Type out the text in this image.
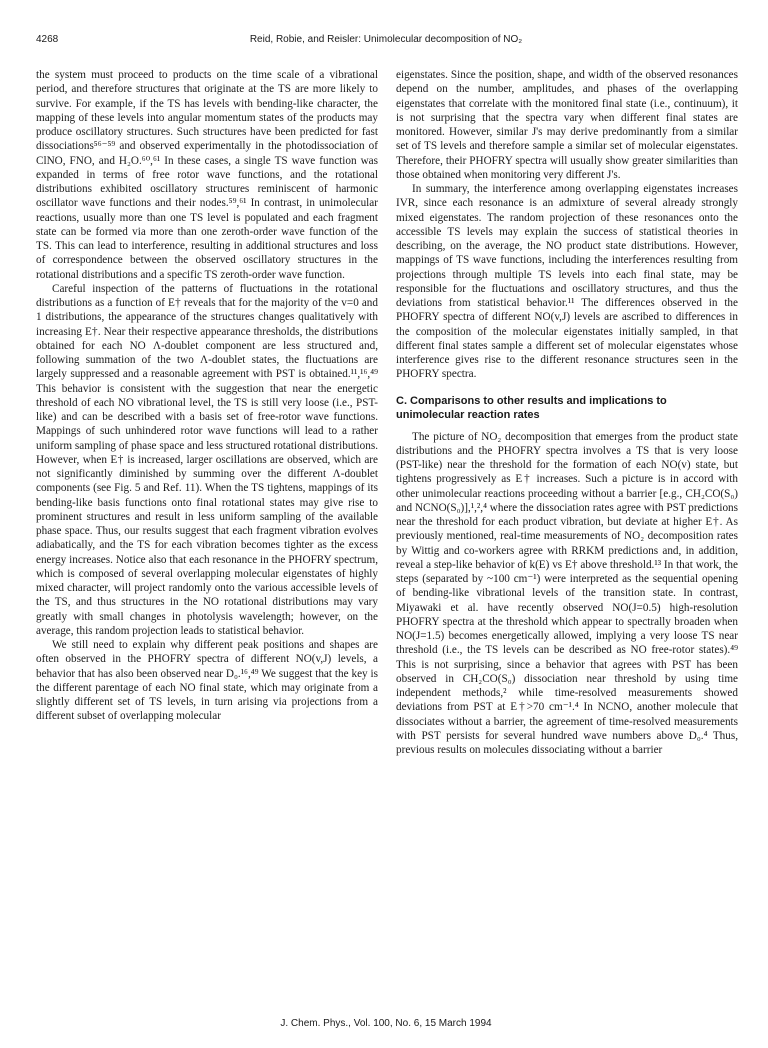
4268	Reid, Robie, and Reisler: Unimolecular decomposition of NO₂

the system must proceed to products on the time scale of a vibrational period, and therefore structures that originate at the TS are more likely to survive. For example, if the TS has levels with bending-like character, the mapping of these levels into angular momentum states of the products may produce oscillatory structures. Such structures have been predicted for fast dissociations⁵⁶⁻⁵⁹ and observed experimentally in the photodissociation of ClNO, FNO, and H₂O.⁶⁰,⁶¹ In these cases, a single TS wave function was expanded in terms of free rotor wave functions, and the rotational distributions exhibited oscillatory structures reminiscent of harmonic oscillator wave functions and their nodes.⁵⁹,⁶¹ In contrast, in unimolecular reactions, usually more than one TS level is populated and each fragment state can be formed via more than one zeroth-order wave function of the TS. This can lead to interference, resulting in additional structures and loss of correspondence between the observed oscillatory structures in the rotational distributions and a specific TS zeroth-order wave function.

Careful inspection of the patterns of fluctuations in the rotational distributions as a function of E† reveals that for the majority of the v=0 and 1 distributions, the appearance of the structures changes qualitatively with increasing E†. Near their respective appearance thresholds, the distributions obtained for each NO Λ-doublet component are less structured and, following summation of the two Λ-doublet states, the fluctuations are largely suppressed and a reasonable agreement with PST is obtained.¹¹,¹⁶,⁴⁹ This behavior is consistent with the suggestion that near the energetic threshold of each NO vibrational level, the TS is still very loose (i.e., PST-like) and can be described with a basis set of free-rotor wave functions. Mappings of such unhindered rotor wave functions will lead to a rather uniform sampling of phase space and less structured rotational distributions. However, when E† is increased, larger oscillations are observed, which are not significantly diminished by summing over the different Λ-doublet components (see Fig. 5 and Ref. 11). When the TS tightens, mappings of its bending-like basis functions onto final rotational states may give rise to prominent structures and result in less uniform sampling of the available phase space. Thus, our results suggest that each fragment vibration evolves adiabatically, and the TS for each vibration becomes tighter as the excess energy increases. Notice also that each resonance in the PHOFRY spectrum, which is composed of several overlapping molecular eigenstates of highly mixed character, will project randomly onto the various accessible levels of the TS, and thus structures in the NO rotational distributions may vary greatly with small changes in photolysis wavelength; however, on the average, this random projection leads to statistical behavior.

We still need to explain why different peak positions and shapes are often observed in the PHOFRY spectra of different NO(v,J) levels, a behavior that has also been observed near D₀.¹⁶,⁴⁹ We suggest that the key is the different parentage of each NO final state, which may originate from a slightly different set of TS levels, in turn arising via projections from a different subset of overlapping molecular

eigenstates. Since the position, shape, and width of the observed resonances depend on the number, amplitudes, and phases of the overlapping eigenstates that correlate with the monitored final state (i.e., continuum), it is not surprising that the spectra vary when different final states are monitored. However, similar J's may derive predominantly from a similar set of TS levels and therefore sample a similar set of molecular eigenstates. Therefore, their PHOFRY spectra will usually show greater similarities than those obtained when monitoring very different J's.

In summary, the interference among overlapping eigenstates increases IVR, since each resonance is an admixture of several already strongly mixed eigenstates. The random projection of these resonances onto the accessible TS levels may explain the success of statistical theories in describing, on the average, the NO product state distributions. However, mappings of TS wave functions, including the interferences resulting from projections through multiple TS levels into each final state, may be responsible for the fluctuations and oscillatory structures, and thus the deviations from statistical behavior.¹¹ The differences observed in the PHOFRY spectra of different NO(v,J) levels are ascribed to differences in the composition of the molecular eigenstates initially sampled, in that different final states sample a different set of molecular eigenstates whose interference gives rise to the different resonance structures seen in the PHOFRY spectra.

C. Comparisons to other results and implications to unimolecular reaction rates

The picture of NO₂ decomposition that emerges from the product state distributions and the PHOFRY spectra involves a TS that is very loose (PST-like) near the threshold for the formation of each NO(v) state, but tightens progressively as E† increases. Such a picture is in accord with other unimolecular reactions proceeding without a barrier [e.g., CH₂CO(S₀) and NCNO(S₀)],¹,²,⁴ where the dissociation rates agree with PST predictions near the threshold for each product vibration, but deviate at higher E†. As previously mentioned, real-time measurements of NO₂ decomposition rates by Wittig and co-workers agree with RRKM predictions and, in addition, reveal a step-like behavior of k(E) vs E† above threshold.¹³ In that work, the steps (separated by ~100 cm⁻¹) were interpreted as the sequential opening of bending-like vibrational levels of the transition state. In contrast, Miyawaki et al. have recently observed NO(J=0.5) high-resolution PHOFRY spectra at the threshold which appear to spectrally broaden when NO(J=1.5) becomes energetically allowed, implying a very loose TS near threshold (i.e., the TS levels can be described as NO free-rotor states).⁴⁹ This is not surprising, since a behavior that agrees with PST has been observed in CH₂CO(S₀) dissociation near threshold by using time independent methods,² while time-resolved measurements showed deviations from PST at E†>70 cm⁻¹.⁴ In NCNO, another molecule that dissociates without a barrier, the agreement of time-resolved measurements with PST persists for several hundred wave numbers above D₀.⁴ Thus, previous results on molecules dissociating without a barrier

J. Chem. Phys., Vol. 100, No. 6, 15 March 1994
